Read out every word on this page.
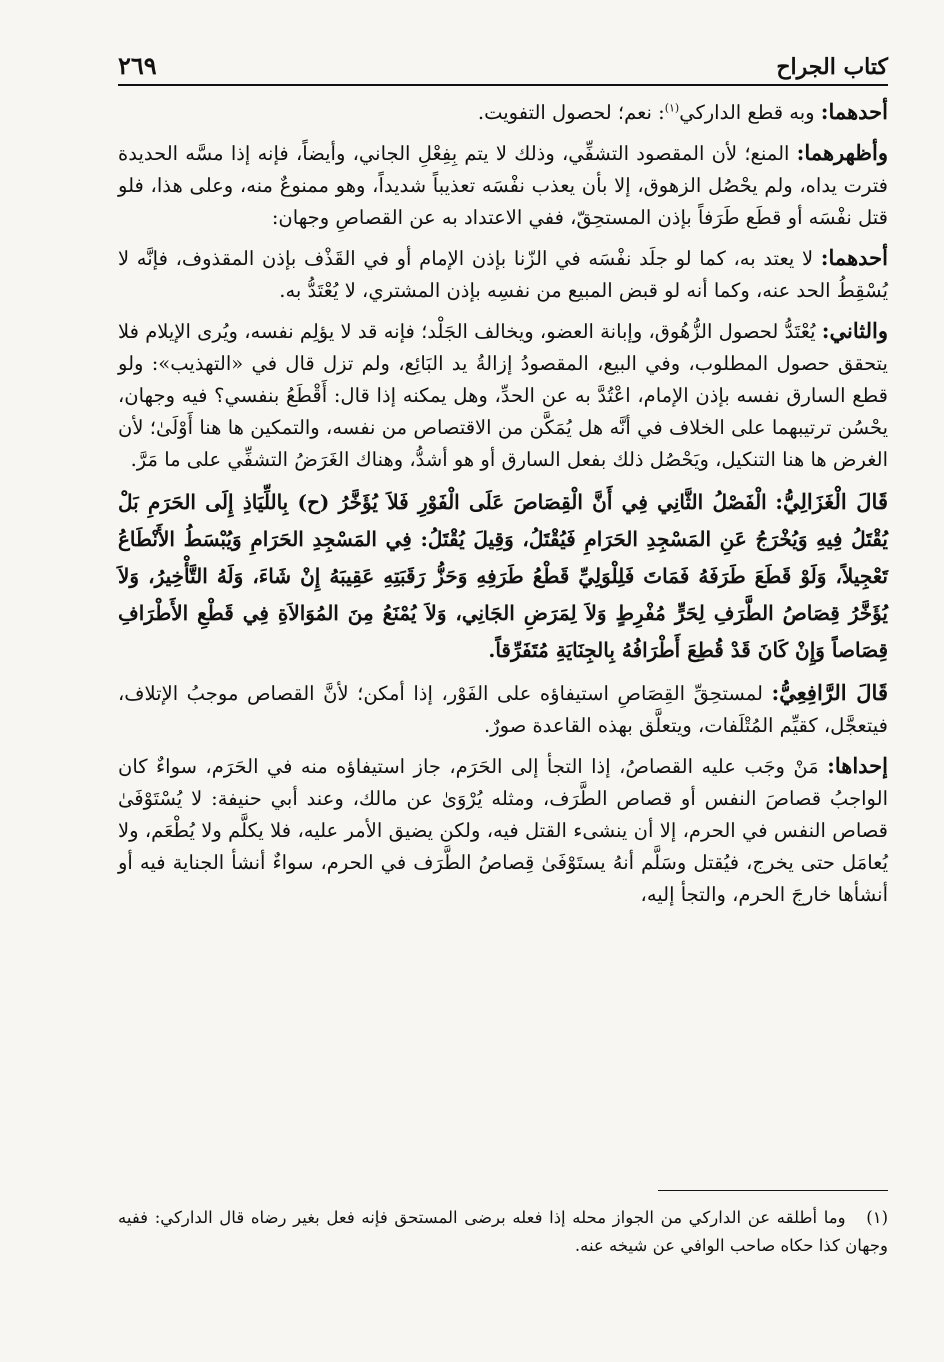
كتاب الجراح
٢٦٩

أحدهما: وبه قطع الداركي$^{(١)}$: نعم؛ لحصول التفويت.

وأظهرهما: المنع؛ لأن المقصود التشفِّي، وذلك لا يتم بِفِعْلِ الجاني، وأيضاً، فإنه إذا مسَّه الحديدة فترت يداه، ولم يحْصُل الزهوق، إلا بأن يعذب نفْسَه تعذيباً شديداً، وهو ممنوعٌ منه، وعلى هذا، فلو قتل نفْسَه أو قطَع طَرَفاً بإذن المستحِقّ، ففي الاعتداد به عن القصاصِ وجهان:

أحدهما: لا يعتد به، كما لو جلَد نفْسَه في الزّنا بإذن الإمام أو في القَذْف بإذن المقذوف، فإنَّه لا يُسْقِطُ الحد عنه، وكما أنه لو قبض المبيع من نفسِه بإذن المشتري، لا يُعْتَدُّ به.

والثاني: يُعْتَدُّ لحصول الزُّهُوق، وإبانة العضو، ويخالف الجَلْد؛ فإنه قد لا يؤلِم نفسه، ويُرى الإيلام فلا يتحقق حصول المطلوب، وفي البيع، المقصودُ إزالةُ يد البَائِع، ولم تزل قال في «التهذيب»: ولو قطع السارق نفسه بإذن الإمام، اعْتُدَّ به عن الحدِّ، وهل يمكنه إذا قال: أَقْطَعُ بنفسي؟ فيه وجهان، يحْسُن ترتيبهما على الخلاف في أنَّه هل يُمَكَّن من الاقتصاص من نفسه، والتمكين ها هنا أَوْلَىٰ؛ لأن الغرض ها هنا التنكيل، ويَحْصُل ذلك بفعل السارق أو هو أشدُّ، وهناك الغَرَضُ التشفِّي على ما مَرَّ.

قَالَ الْغَزَالِيُّ: الْفَصْلُ الثَّانِي فِي أَنَّ الْقِصَاصَ عَلَى الْفَوْرِ فَلاَ يُؤَخَّرُ (ح) بِاللِّيَاذِ إِلَى الحَرَمِ بَلْ يُقْتَلُ فِيهِ وَيُخْرَجُ عَنِ المَسْجِدِ الحَرَامِ فَيُقْتَلُ، وَقِيلَ يُقْتَلُ: فِي المَسْجِدِ الحَرَامِ وَيُبْسَطُ الأَنْطَاعُ تَعْجِيلاً، وَلَوْ قَطَعَ طَرَفَهُ فَمَاتَ فَلِلْوَلِيِّ قَطْعُ طَرَفِهِ وَحَزُّ رَقَبَتِهِ عَقِيبَهُ إِنْ شَاءَ، وَلَهُ التَّأْخِيرُ، وَلاَ يُؤَخَّرُ قِصَاصُ الطَّرَفِ لِحَرٍّ مُفْرِطٍ وَلاَ لِمَرَضِ الجَانِي، وَلاَ يُمْنَعُ مِنَ المُوَالاَةِ فِي قَطْعِ الأَطْرَافِ قِصَاصاً وَإِنْ كَانَ قَدْ قُطِعَ أَطْرَافُهُ بِالجِنَايَةِ مُتَفَرِّقاً.

قَالَ الرَّافِعِيُّ: لمستحِقِّ القِصَاصِ استيفاؤه على الفَوْر، إذا أمكن؛ لأنَّ القصاص موجبُ الإتلاف، فيتعجَّل، كقيِّم المُتْلَفات، ويتعلَّق بهذه القاعدة صورٌ.

إحداها: مَنْ وجَب عليه القصاصُ، إذا التجأ إلى الحَرَم، جاز استيفاؤه منه في الحَرَم، سواءٌ كان الواجبُ قصاصَ النفس أو قصاص الطَّرَف، ومثله يُرْوَىٰ عن مالك، وعند أبي حنيفة: لا يُسْتَوْفَىٰ قصاص النفس في الحرم، إلا أن ينشىء القتل فيه، ولكن يضيق الأمر عليه، فلا يكلَّم ولا يُطْعَم، ولا يُعامَل حتى يخرج، فيُقتل وسَلَّم أنهُ يستَوْفَىٰ قِصاصُ الطَّرَف في الحرم، سواءٌ أنشأ الجناية فيه أو أنشأها خارجَ الحرم، والتجأ إليه،

(١) وما أطلقه عن الداركي من الجواز محله إذا فعله برضى المستحق فإنه فعل بغير رضاه قال الداركي: ففيه وجهان كذا حكاه صاحب الوافي عن شيخه عنه.
